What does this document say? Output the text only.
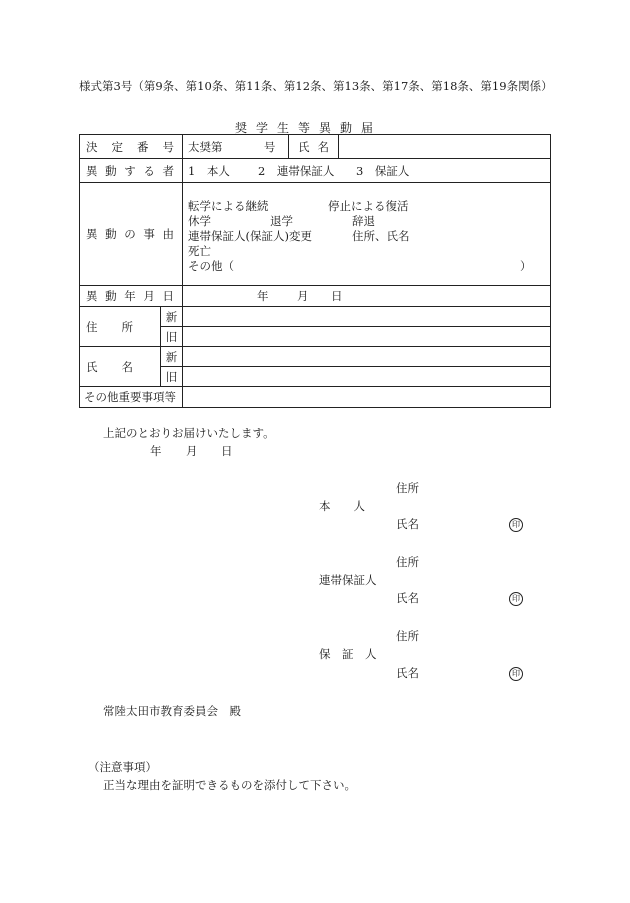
様式第3号（第9条、第10条、第11条、第12条、第13条、第17条、第18条、第19条関係）
奨学生等異動届
決定番号		太奨第 号	氏名	
異動する者		1　本人 2　連帯保証人 3　保証人		
異動の事由		転学による継続 停止による復活
休学 退学 辞退
連帯保証人(保証人)変更 住所、氏名
死亡
その他（ ）		

異動年月日		年 月 日		
住所	新			
	旧			
氏名	新			
	旧			
その他重要事項等				
上記のとおりお届けいたします。
年 月 日
住所
本　　人
氏名	印
住所
連帯保証人
氏名	印
住所
保　証　人
氏名	印
常陸太田市教育委員会　殿
（注意事項）
正当な理由を証明できるものを添付して下さい。
